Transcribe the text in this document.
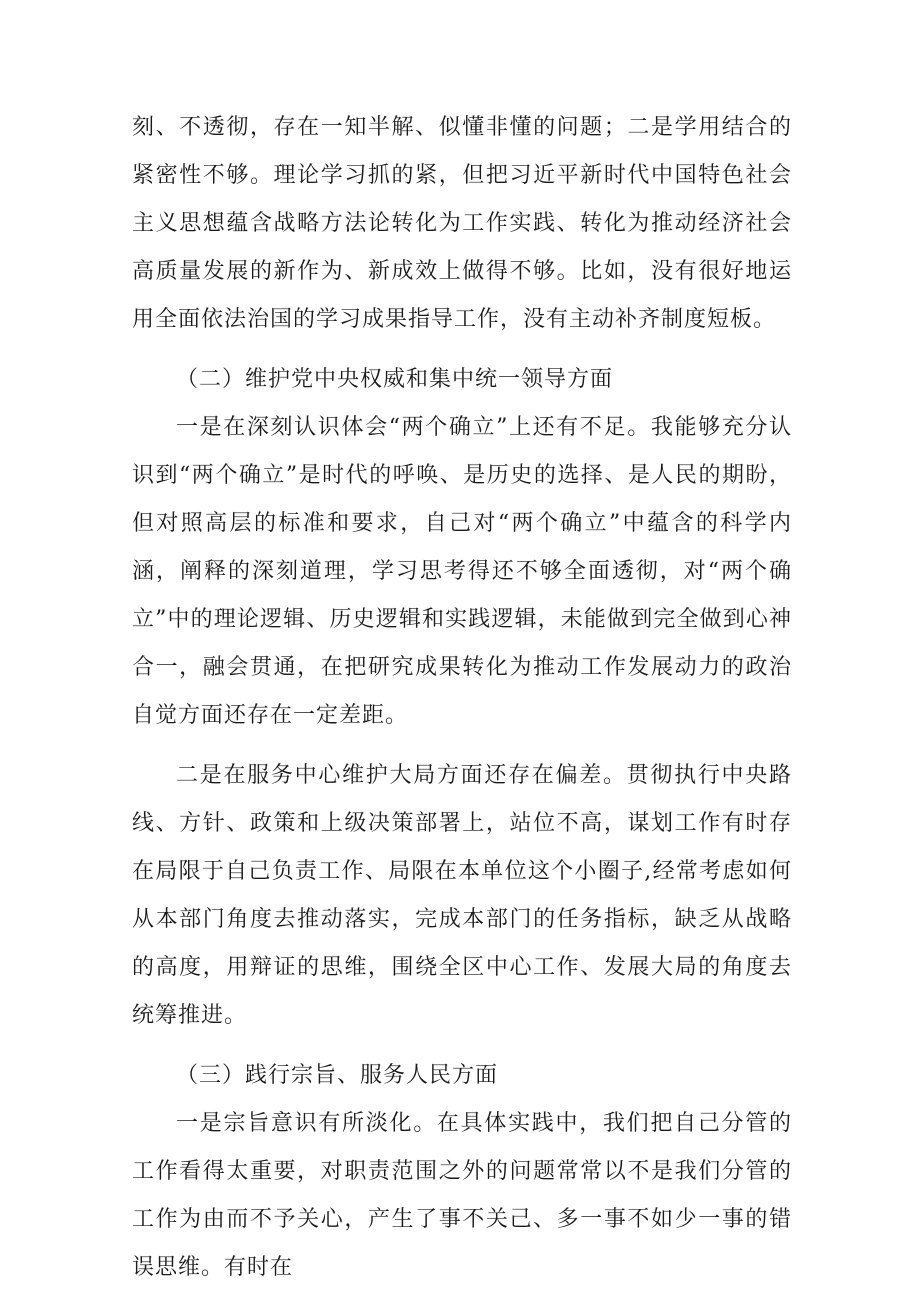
刻、不透彻，存在一知半解、似懂非懂的问题；二是学用结合的紧密性不够。理论学习抓的紧，但把习近平新时代中国特色社会主义思想蕴含战略方法论转化为工作实践、转化为推动经济社会高质量发展的新作为、新成效上做得不够。比如，没有很好地运用全面依法治国的学习成果指导工作，没有主动补齐制度短板。

（二）维护党中央权威和集中统一领导方面

一是在深刻认识体会“两个确立”上还有不足。我能够充分认识到“两个确立”是时代的呼唤、是历史的选择、是人民的期盼，但对照高层的标准和要求，自己对“两个确立”中蕴含的科学内涵，阐释的深刻道理，学习思考得还不够全面透彻，对“两个确立”中的理论逻辑、历史逻辑和实践逻辑，未能做到完全做到心神合一，融会贯通，在把研究成果转化为推动工作发展动力的政治自觉方面还存在一定差距。

二是在服务中心维护大局方面还存在偏差。贯彻执行中央路线、方针、政策和上级决策部署上，站位不高，谋划工作有时存在局限于自己负责工作、局限在本单位这个小圈子,经常考虑如何从本部门角度去推动落实，完成本部门的任务指标，缺乏从战略的高度，用辩证的思维，围绕全区中心工作、发展大局的角度去统筹推进。

（三）践行宗旨、服务人民方面

一是宗旨意识有所淡化。在具体实践中，我们把自己分管的工作看得太重要，对职责范围之外的问题常常以不是我们分管的工作为由而不予关心，产生了事不关己、多一事不如少一事的错误思维。有时在
